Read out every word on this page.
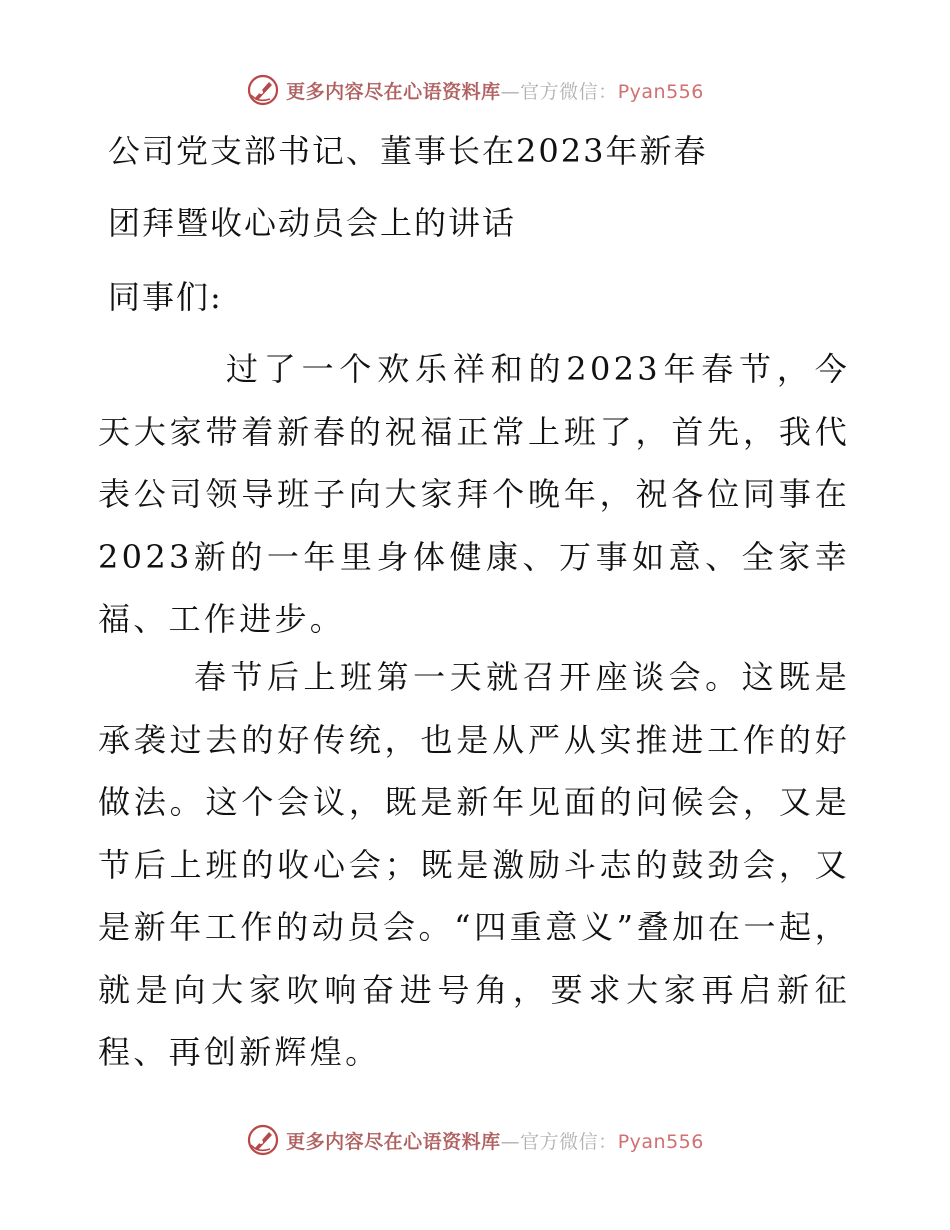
更多内容尽在心语资料库—官方微信：Pyan556
公司党支部书记、董事长在2023年新春
团拜暨收心动员会上的讲话
同事们:

过了一个欢乐祥和的2023年春节，今天大家带着新春的祝福正常上班了，首先，我代表公司领导班子向大家拜个晚年，祝各位同事在2023新的一年里身体健康、万事如意、全家幸福、工作进步。

春节后上班第一天就召开座谈会。这既是承袭过去的好传统，也是从严从实推进工作的好做法。这个会议，既是新年见面的问候会，又是节后上班的收心会；既是激励斗志的鼓劲会，又是新年工作的动员会。“四重意义”叠加在一起，就是向大家吹响奋进号角，要求大家再启新征程、再创新辉煌。

更多内容尽在心语资料库—官方微信：Pyan556
